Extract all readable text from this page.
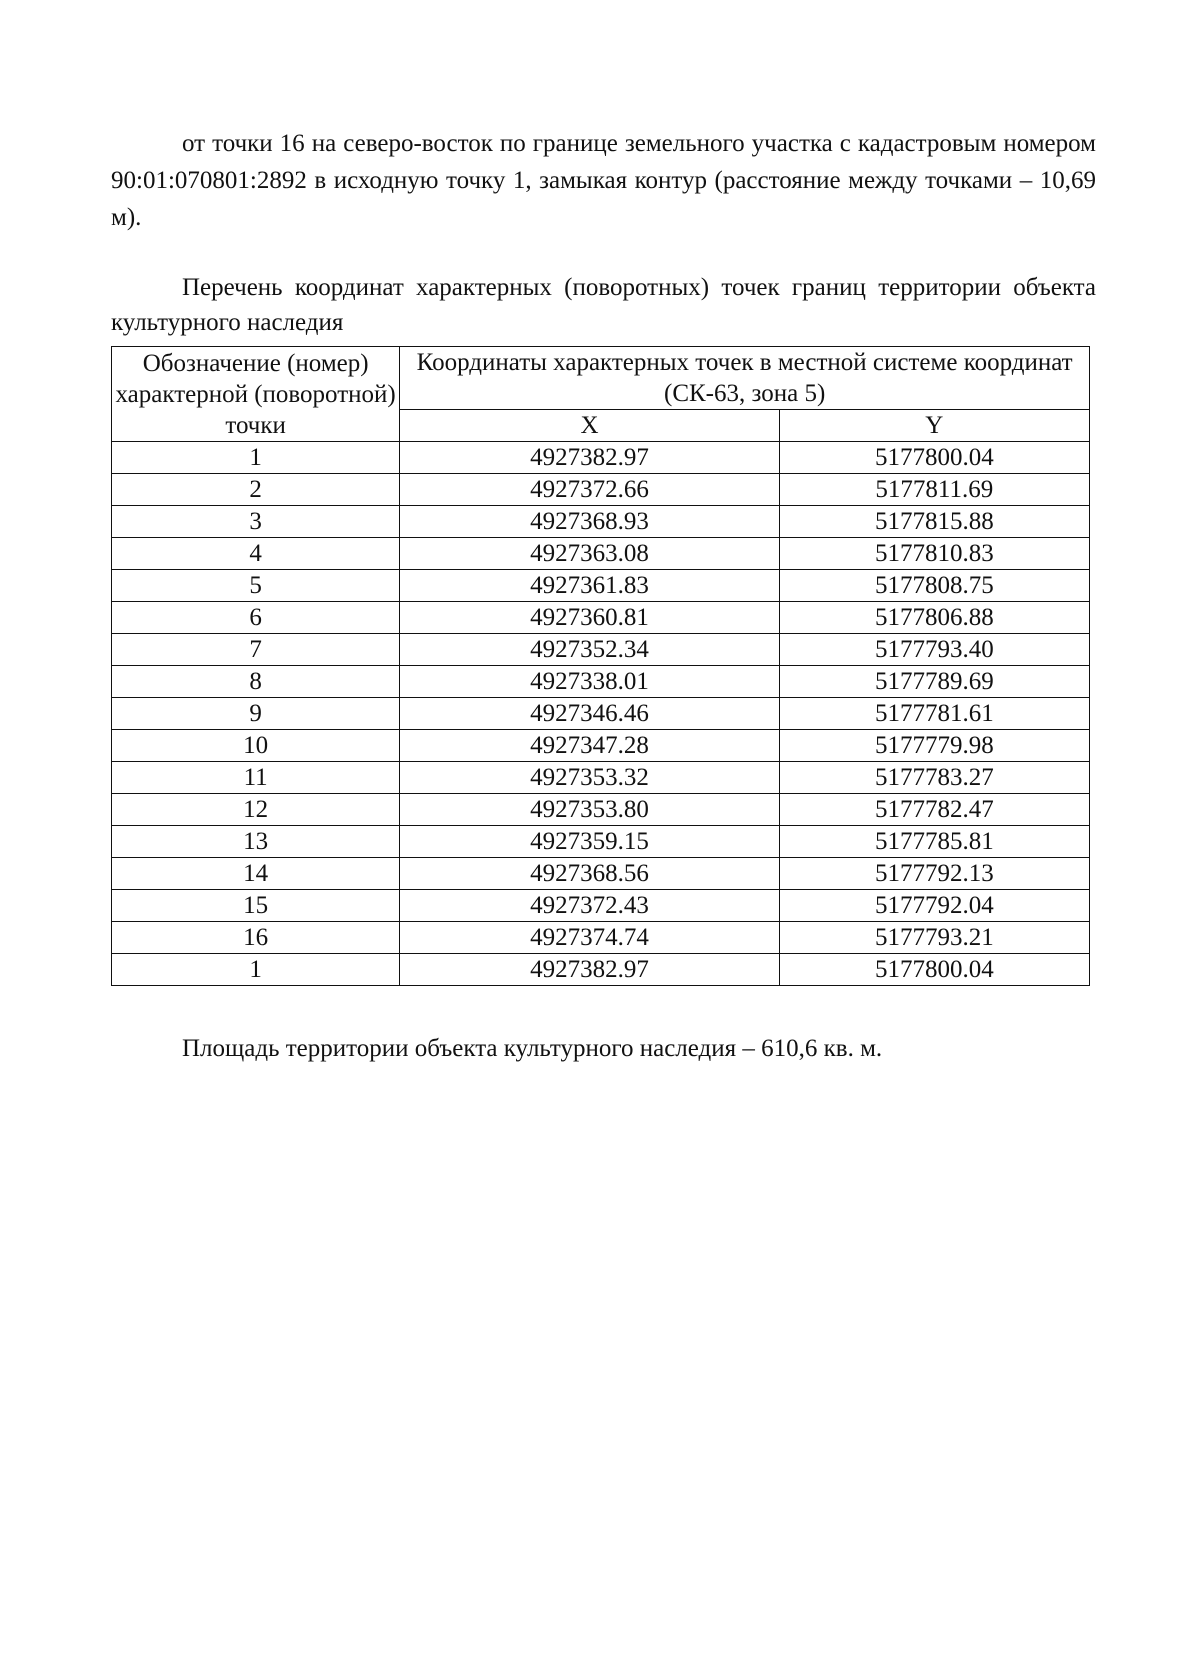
от точки 16 на северо-восток по границе земельного участка с кадастровым номером 90:01:070801:2892 в исходную точку 1, замыкая контур (расстояние между точками – 10,69 м).

Перечень координат характерных (поворотных) точек границ территории объекта культурного наследия

Обозначение (номер) характерной (поворотной) точки	Координаты характерных точек в местной системе координат (СК-63, зона 5)	
	X	Y
1	4927382.97	5177800.04
2	4927372.66	5177811.69
3	4927368.93	5177815.88
4	4927363.08	5177810.83
5	4927361.83	5177808.75
6	4927360.81	5177806.88
7	4927352.34	5177793.40
8	4927338.01	5177789.69
9	4927346.46	5177781.61
10	4927347.28	5177779.98
11	4927353.32	5177783.27
12	4927353.80	5177782.47
13	4927359.15	5177785.81
14	4927368.56	5177792.13
15	4927372.43	5177792.04
16	4927374.74	5177793.21
1	4927382.97	5177800.04

Площадь территории объекта культурного наследия – 610,6 кв. м.
